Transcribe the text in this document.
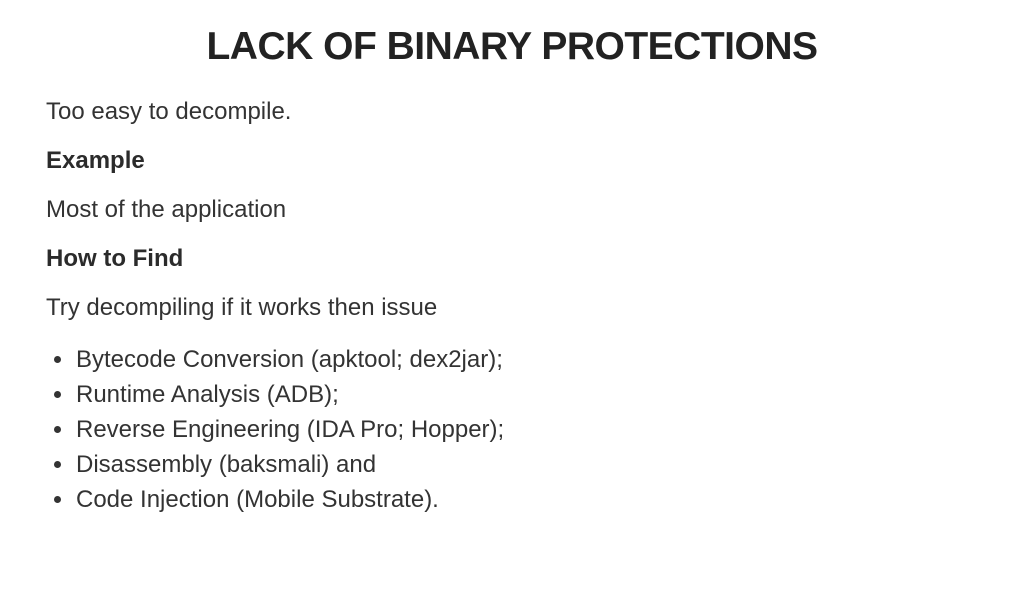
LACK OF BINARY PROTECTIONS

Too easy to decompile.

Example

Most of the application

How to Find

Try decompiling if it works then issue

• Bytecode Conversion (apktool; dex2jar);
• Runtime Analysis (ADB);
• Reverse Engineering (IDA Pro; Hopper);
• Disassembly (baksmali) and
• Code Injection (Mobile Substrate).
